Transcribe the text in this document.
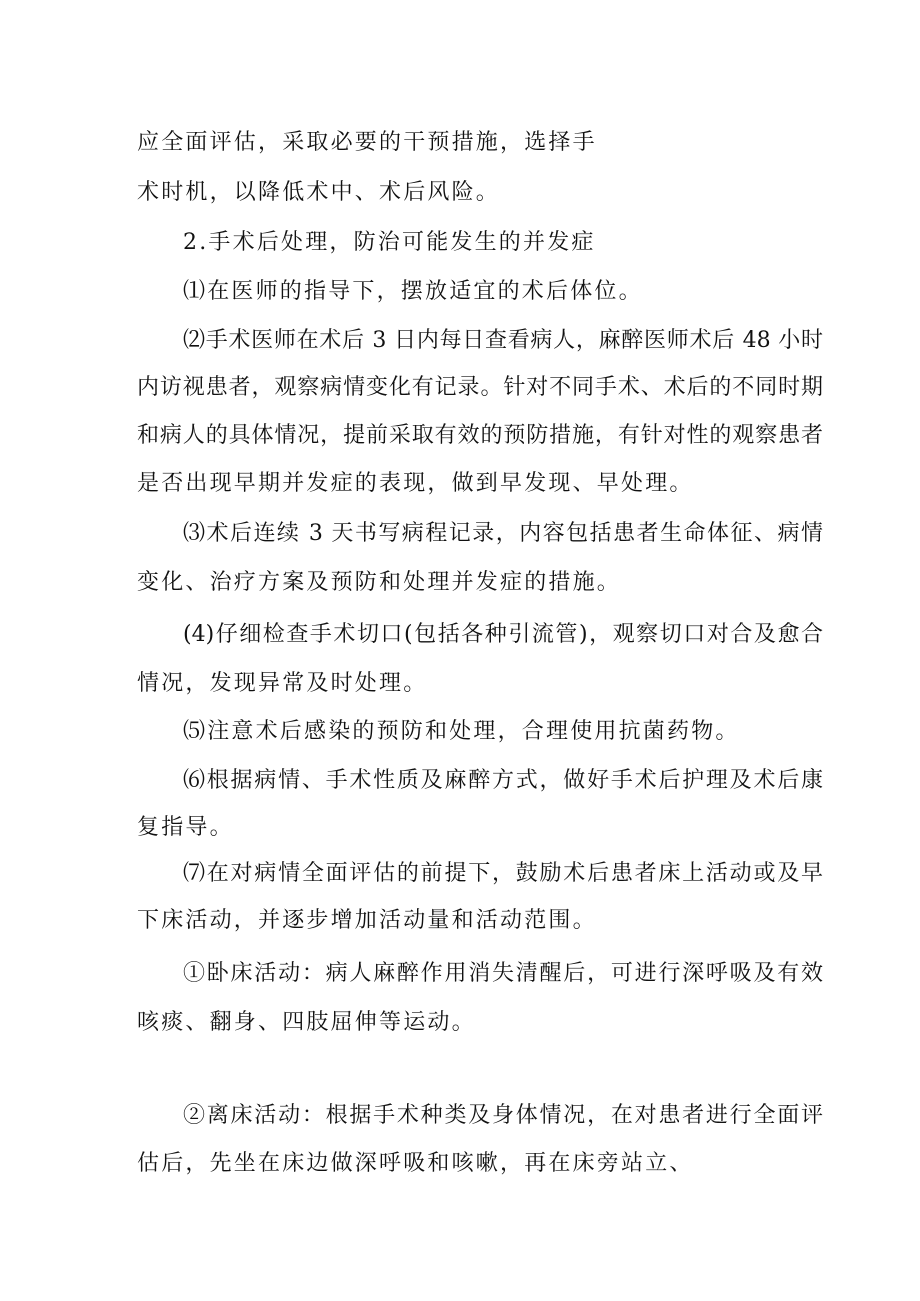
应全面评估，采取必要的干预措施，选择手
术时机，以降低术中、术后风险。
2.手术后处理，防治可能发生的并发症
⑴在医师的指导下，摆放适宜的术后体位。
⑵手术医师在术后 3 日内每日查看病人，麻醉医师术后 48 小时
内访视患者，观察病情变化有记录。针对不同手术、术后的不同时期
和病人的具体情况，提前采取有效的预防措施，有针对性的观察患者
是否出现早期并发症的表现，做到早发现、早处理。
⑶术后连续 3 天书写病程记录，内容包括患者生命体征、病情
变化、治疗方案及预防和处理并发症的措施。
(4)仔细检查手术切口(包括各种引流管)，观察切口对合及愈合
情况，发现异常及时处理。
⑸注意术后感染的预防和处理，合理使用抗菌药物。
⑹根据病情、手术性质及麻醉方式，做好手术后护理及术后康
复指导。
⑺在对病情全面评估的前提下，鼓励术后患者床上活动或及早
下床活动，并逐步增加活动量和活动范围。
①卧床活动：病人麻醉作用消失清醒后，可进行深呼吸及有效
咳痰、翻身、四肢屈伸等运动。
②离床活动：根据手术种类及身体情况，在对患者进行全面评
估后，先坐在床边做深呼吸和咳嗽，再在床旁站立、
